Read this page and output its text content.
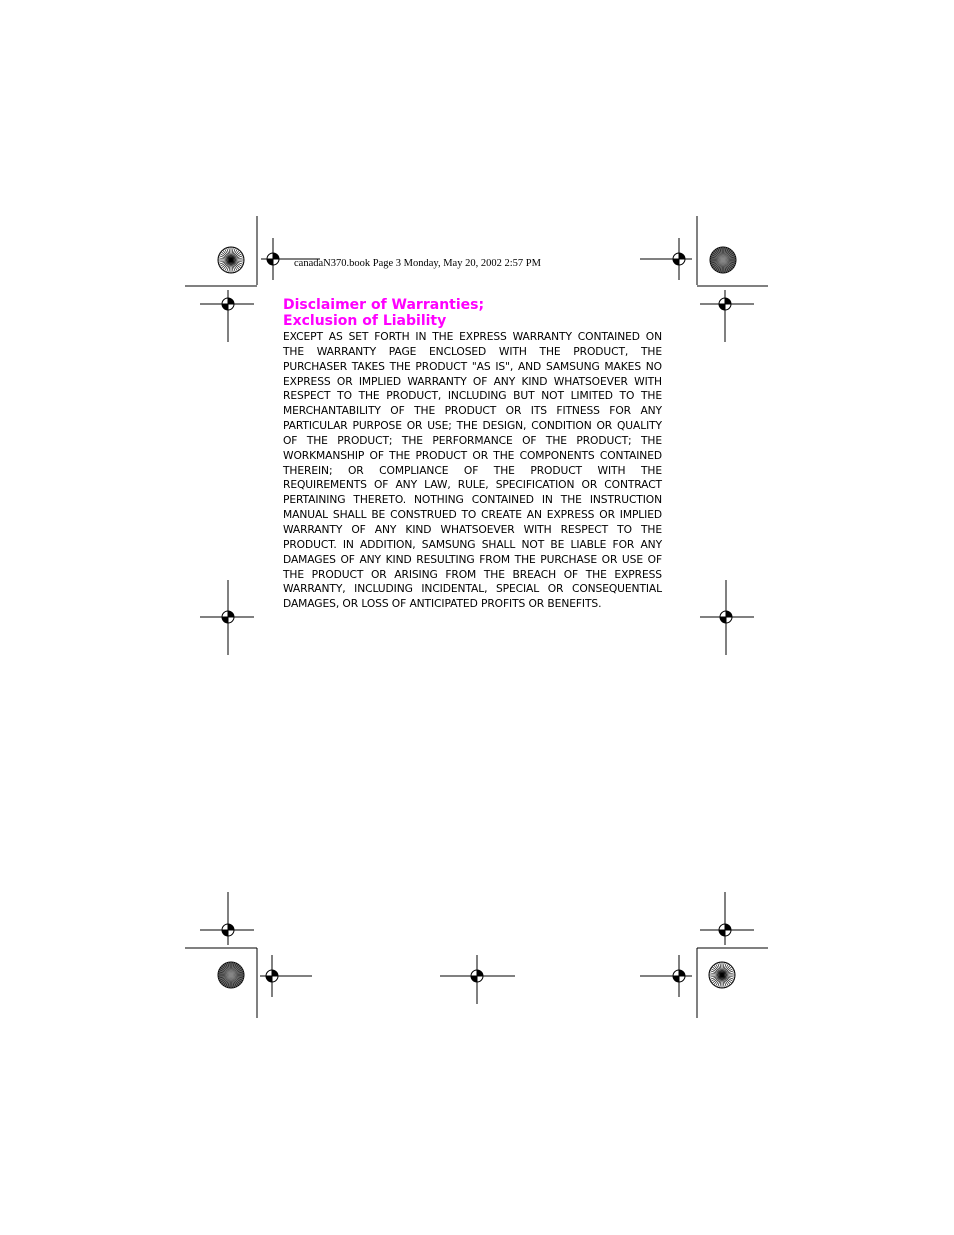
canadaN370.book Page 3 Monday, May 20, 2002 2:57 PM
Disclaimer of Warranties;
Exclusion of Liability
EXCEPT AS SET FORTH IN THE EXPRESS WARRANTY CONTAINED ON THE WARRANTY PAGE ENCLOSED WITH THE PRODUCT, THE PURCHASER TAKES THE PRODUCT "AS IS", AND SAMSUNG MAKES NO EXPRESS OR IMPLIED WARRANTY OF ANY KIND WHATSOEVER WITH RESPECT TO THE PRODUCT, INCLUDING BUT NOT LIMITED TO THE MERCHANTABILITY OF THE PRODUCT OR ITS FITNESS FOR ANY PARTICULAR PURPOSE OR USE; THE DESIGN, CONDITION OR QUALITY OF THE PRODUCT; THE PERFORMANCE OF THE PRODUCT; THE WORKMANSHIP OF THE PRODUCT OR THE COMPONENTS CONTAINED THEREIN; OR COMPLIANCE OF THE PRODUCT WITH THE REQUIREMENTS OF ANY LAW, RULE, SPECIFICATION OR CONTRACT PERTAINING THERETO. NOTHING CONTAINED IN THE INSTRUCTION MANUAL SHALL BE CONSTRUED TO CREATE AN EXPRESS OR IMPLIED WARRANTY OF ANY KIND WHATSOEVER WITH RESPECT TO THE PRODUCT. IN ADDITION, SAMSUNG SHALL NOT BE LIABLE FOR ANY DAMAGES OF ANY KIND RESULTING FROM THE PURCHASE OR USE OF THE PRODUCT OR ARISING FROM THE BREACH OF THE EXPRESS WARRANTY, INCLUDING INCIDENTAL, SPECIAL OR CONSEQUENTIAL DAMAGES, OR LOSS OF ANTICIPATED PROFITS OR BENEFITS.
